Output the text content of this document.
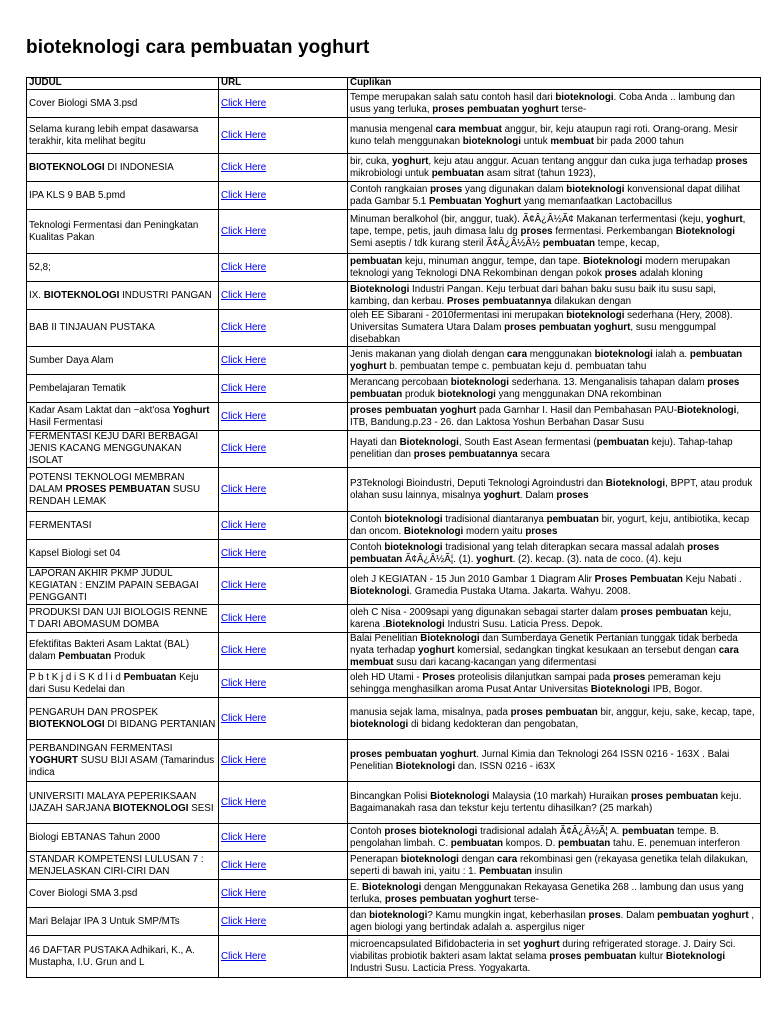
bioteknologi cara pembuatan yoghurt
JUDUL	URL	Cuplikan
Cover Biologi SMA 3.psd	Click Here	Tempe merupakan salah satu contoh hasil dari bioteknologi. Coba Anda .. lambung dan usus yang terluka, proses pembuatan yoghurt terse-
Selama kurang lebih empat dasawarsa terakhir, kita melihat begitu	Click Here	manusia mengenal cara membuat anggur, bir, keju ataupun ragi roti. Orang-orang. Mesir kuno telah menggunakan bioteknologi untuk membuat bir pada 2000 tahun
BIOTEKNOLOGI DI INDONESIA	Click Here	bir, cuka, yoghurt, keju atau anggur. Acuan tentang anggur dan cuka juga terhadap proses mikrobiologi untuk pembuatan asam sitrat (tahun 1923),
IPA KLS 9 BAB 5.pmd	Click Here	Contoh rangkaian proses yang digunakan dalam bioteknologi konvensional dapat dilihat pada Gambar 5.1 Pembuatan Yoghurt yang memanfaatkan Lactobacillus
Teknologi Fermentasi dan Peningkatan Kualitas Pakan	Click Here	Minuman beralkohol (bir, anggur, tuak). Ã¢Â¿Â½Ã¢ Makanan terfermentasi (keju, yoghurt, tape, tempe, petis, jauh dimasa lalu dg proses fermentasi. Perkembangan Bioteknologi Semi aseptis / tdk kurang steril Ã¢Â¿Â½Â½ pembuatan tempe, kecap,
52,8;	Click Here	pembuatan keju, minuman anggur, tempe, dan tape. Bioteknologi modern merupakan teknologi yang Teknologi DNA Rekombinan dengan pokok proses adalah kloning
IX. BIOTEKNOLOGI INDUSTRI PANGAN	Click Here	Bioteknologi Industri Pangan. Keju terbuat dari bahan baku susu baik itu susu sapi, kambing, dan kerbau. Proses pembuatannya dilakukan dengan
BAB II TINJAUAN PUSTAKA	Click Here	oleh EE Sibarani - 2010fermentasi ini merupakan bioteknologi sederhana (Hery, 2008). Universitas Sumatera Utara Dalam proses pembuatan yoghurt, susu menggumpal disebabkan
Sumber Daya Alam	Click Here	Jenis makanan yang diolah dengan cara menggunakan bioteknologi ialah a. pembuatan yoghurt b. pembuatan tempe c. pembuatan keju d. pembuatan tahu
Pembelajaran Tematik	Click Here	Merancang percobaan bioteknologi sederhana. 13. Menganalisis tahapan dalam proses pembuatan produk bioteknologi yang menggunakan DNA rekombinan
Kadar Asam Laktat dan ~akt'osa Yoghurt Hasil Fermentasi	Click Here	proses pembuatan yoghurt pada Garnhar I. Hasil dan Pembahasan PAU-Bioteknologi, ITB, Bandung.p.23 - 26. dan Laktosa Yoshun Berbahan Dasar Susu
FERMENTASI KEJU DARI BERBAGAI JENIS KACANG MENGGUNAKAN ISOLAT	Click Here	Hayati dan Bioteknologi, South East Asean fermentasi (pembuatan keju). Tahap-tahap penelitian dan proses pembuatannya secara
POTENSI TEKNOLOGI MEMBRAN DALAM PROSES PEMBUATAN SUSU RENDAH LEMAK	Click Here	P3Teknologi Bioindustri, Deputi Teknologi Agroindustri dan Bioteknologi, BPPT, atau produk olahan susu lainnya, misalnya yoghurt. Dalam proses
FERMENTASI	Click Here	Contoh bioteknologi tradisional diantaranya pembuatan bir, yogurt, keju, antibiotika, kecap dan oncom. Bioteknologi modern yaitu proses
Kapsel Biologi set 04	Click Here	Contoh bioteknologi tradisional yang telah diterapkan secara massal adalah proses pembuatan Ã¢Â¿Â½Ã¦. (1). yoghurt. (2). kecap. (3). nata de coco. (4). keju
LAPORAN AKHIR PKMP JUDUL KEGIATAN : ENZIM PAPAIN SEBAGAI PENGGANTI	Click Here	oleh J KEGIATAN - 15 Jun 2010 Gambar 1 Diagram Alir Proses Pembuatan Keju Nabati . Bioteknologi. Gramedia Pustaka Utama. Jakarta. Wahyu. 2008.
PRODUKSI DAN UJI BIOLOGIS RENNE T DARI ABOMASUM DOMBA	Click Here	oleh C Nisa - 2009sapi yang digunakan sebagai starter dalam proses pembuatan keju, karena .Bioteknologi Industri Susu. Laticia Press. Depok.
Efektifitas Bakteri Asam Laktat (BAL) dalam Pembuatan Produk	Click Here	Balai Penelitian Bioteknologi dan Sumberdaya Genetik Pertanian tunggak tidak berbeda nyata terhadap yoghurt komersial, sedangkan tingkat kesukaan an tersebut dengan cara membuat susu dari kacang-kacangan yang difermentasi
P b t K j d i S K d l i d Pembuatan Keju dari Susu Kedelai dan	Click Here	oleh HD Utami - Proses proteolisis dilanjutkan sampai pada proses pemeraman keju sehingga menghasilkan aroma Pusat Antar Universitas Bioteknologi IPB, Bogor.
PENGARUH DAN PROSPEK BIOTEKNOLOGI DI BIDANG PERTANIAN	Click Here	manusia sejak lama, misalnya, pada proses pembuatan bir, anggur, keju, sake, kecap, tape, bioteknologi di bidang kedokteran dan pengobatan,
PERBANDINGAN FERMENTASI YOGHURT SUSU BIJI ASAM (Tamarindus indica	Click Here	proses pembuatan yoghurt. Jurnal Kimia dan Teknologi 264 ISSN 0216 - 163X . Balai Penelitian Bioteknologi dan. ISSN 0216 - i63X
UNIVERSITI MALAYA PEPERIKSAAN IJAZAH SARJANA BIOTEKNOLOGI SESI	Click Here	Bincangkan Polisi Bioteknologi Malaysia (10 markah) Huraikan proses pembuatan keju. Bagaimanakah rasa dan tekstur keju tertentu dihasilkan? (25 markah)
Biologi EBTANAS Tahun 2000	Click Here	Contoh proses bioteknologi tradisional adalah Ã¢Â¿Â½Ã¦ A. pembuatan tempe. B. pengolahan limbah. C. pembuatan kompos. D. pembuatan tahu. E. penemuan interferon
STANDAR KOMPETENSI LULUSAN 7 : MENJELASKAN CIRI-CIRI DAN	Click Here	Penerapan bioteknologi dengan cara rekombinasi gen (rekayasa genetika telah dilakukan, seperti di bawah ini, yaitu : 1. Pembuatan insulin
Cover Biologi SMA 3.psd	Click Here	E. Bioteknologi dengan Menggunakan Rekayasa Genetika 268 .. lambung dan usus yang terluka, proses pembuatan yoghurt terse-
Mari Belajar IPA 3 Untuk SMP/MTs	Click Here	dan bioteknologi? Kamu mungkin ingat, keberhasilan proses. Dalam pembuatan yoghurt , agen biologi yang bertindak adalah a. aspergilus niger
46 DAFTAR PUSTAKA Adhikari, K., A. Mustapha, I.U. Grun and L	Click Here	microencapsulated Bifidobacteria in set yoghurt during refrigerated storage. J. Dairy Sci. viabilitas probiotik bakteri asam laktat selama proses pembuatan kultur Bioteknologi Industri Susu. Lacticia Press. Yogyakarta.
